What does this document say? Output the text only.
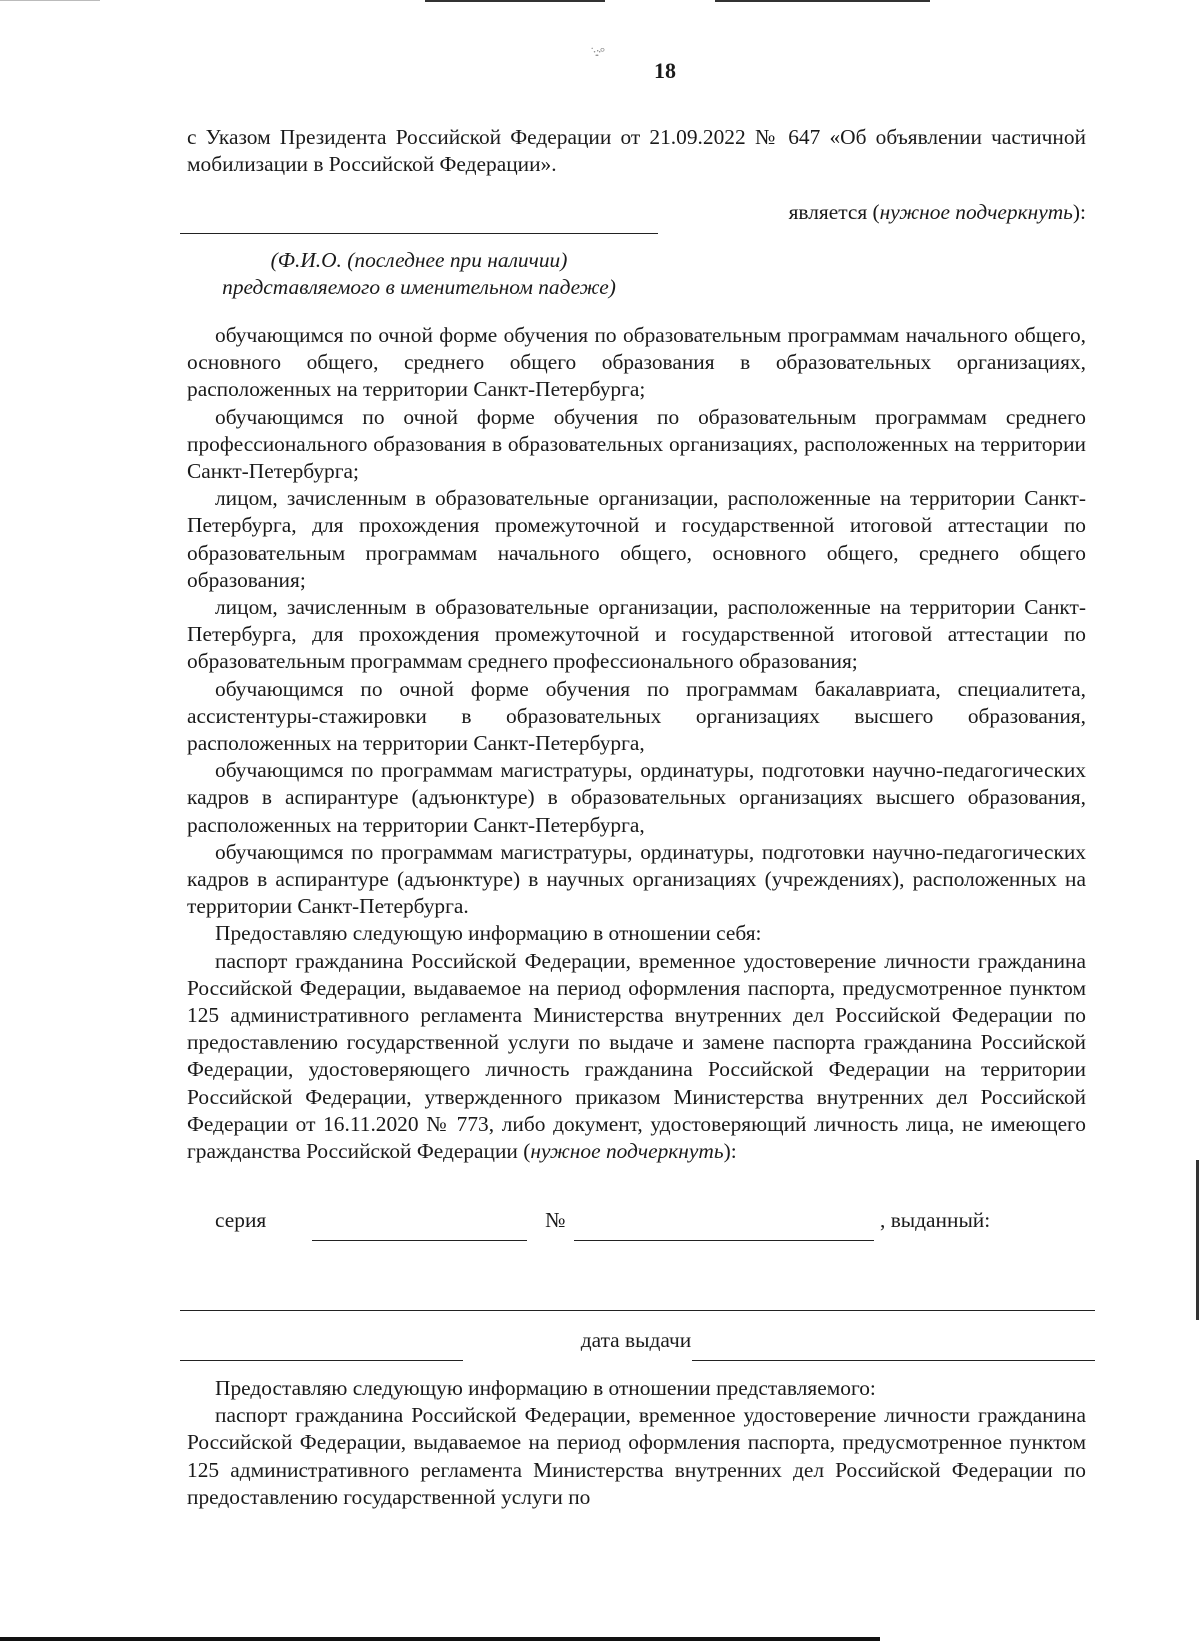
˙·.:·°
18

с Указом Президента Российской Федерации от 21.09.2022 № 647 «Об объявлении частичной мобилизации в Российской Федерации».

является (нужное подчеркнуть):
(Ф.И.О. (последнее при наличии)
представляемого в именительном падеже)

обучающимся по очной форме обучения по образовательным программам начального общего, основного общего, среднего общего образования в образовательных организациях, расположенных на территории Санкт-Петербурга;

обучающимся по очной форме обучения по образовательным программам среднего профессионального образования в образовательных организациях, расположенных на территории Санкт-Петербурга;

лицом, зачисленным в образовательные организации, расположенные на территории Санкт-Петербурга, для прохождения промежуточной и государственной итоговой аттестации по образовательным программам начального общего, основного общего, среднего общего образования;

лицом, зачисленным в образовательные организации, расположенные на территории Санкт-Петербурга, для прохождения промежуточной и государственной итоговой аттестации по образовательным программам среднего профессионального образования;

обучающимся по очной форме обучения по программам бакалавриата, специалитета, ассистентуры-стажировки в образовательных организациях высшего образования, расположенных на территории Санкт-Петербурга,

обучающимся по программам магистратуры, ординатуры, подготовки научно-педагогических кадров в аспирантуре (адъюнктуре) в образовательных организациях высшего образования, расположенных на территории Санкт-Петербурга,

обучающимся по программам магистратуры, ординатуры, подготовки научно-педагогических кадров в аспирантуре (адъюнктуре) в научных организациях (учреждениях), расположенных на территории Санкт-Петербурга.

Предоставляю следующую информацию в отношении себя:

паспорт гражданина Российской Федерации, временное удостоверение личности гражданина Российской Федерации, выдаваемое на период оформления паспорта, предусмотренное пунктом 125 административного регламента Министерства внутренних дел Российской Федерации по предоставлению государственной услуги по выдаче и замене паспорта гражданина Российской Федерации, удостоверяющего личность гражданина Российской Федерации на территории Российской Федерации, утвержденного приказом Министерства внутренних дел Российской Федерации от 16.11.2020 № 773, либо документ, удостоверяющий личность лица, не имеющего гражданства Российской Федерации (нужное подчеркнуть):

серия	№	, выданный:
дата выдачи

Предоставляю следующую информацию в отношении представляемого:

паспорт гражданина Российской Федерации, временное удостоверение личности гражданина Российской Федерации, выдаваемое на период оформления паспорта, предусмотренное пунктом 125 административного регламента Министерства внутренних дел Российской Федерации по предоставлению государственной услуги по
